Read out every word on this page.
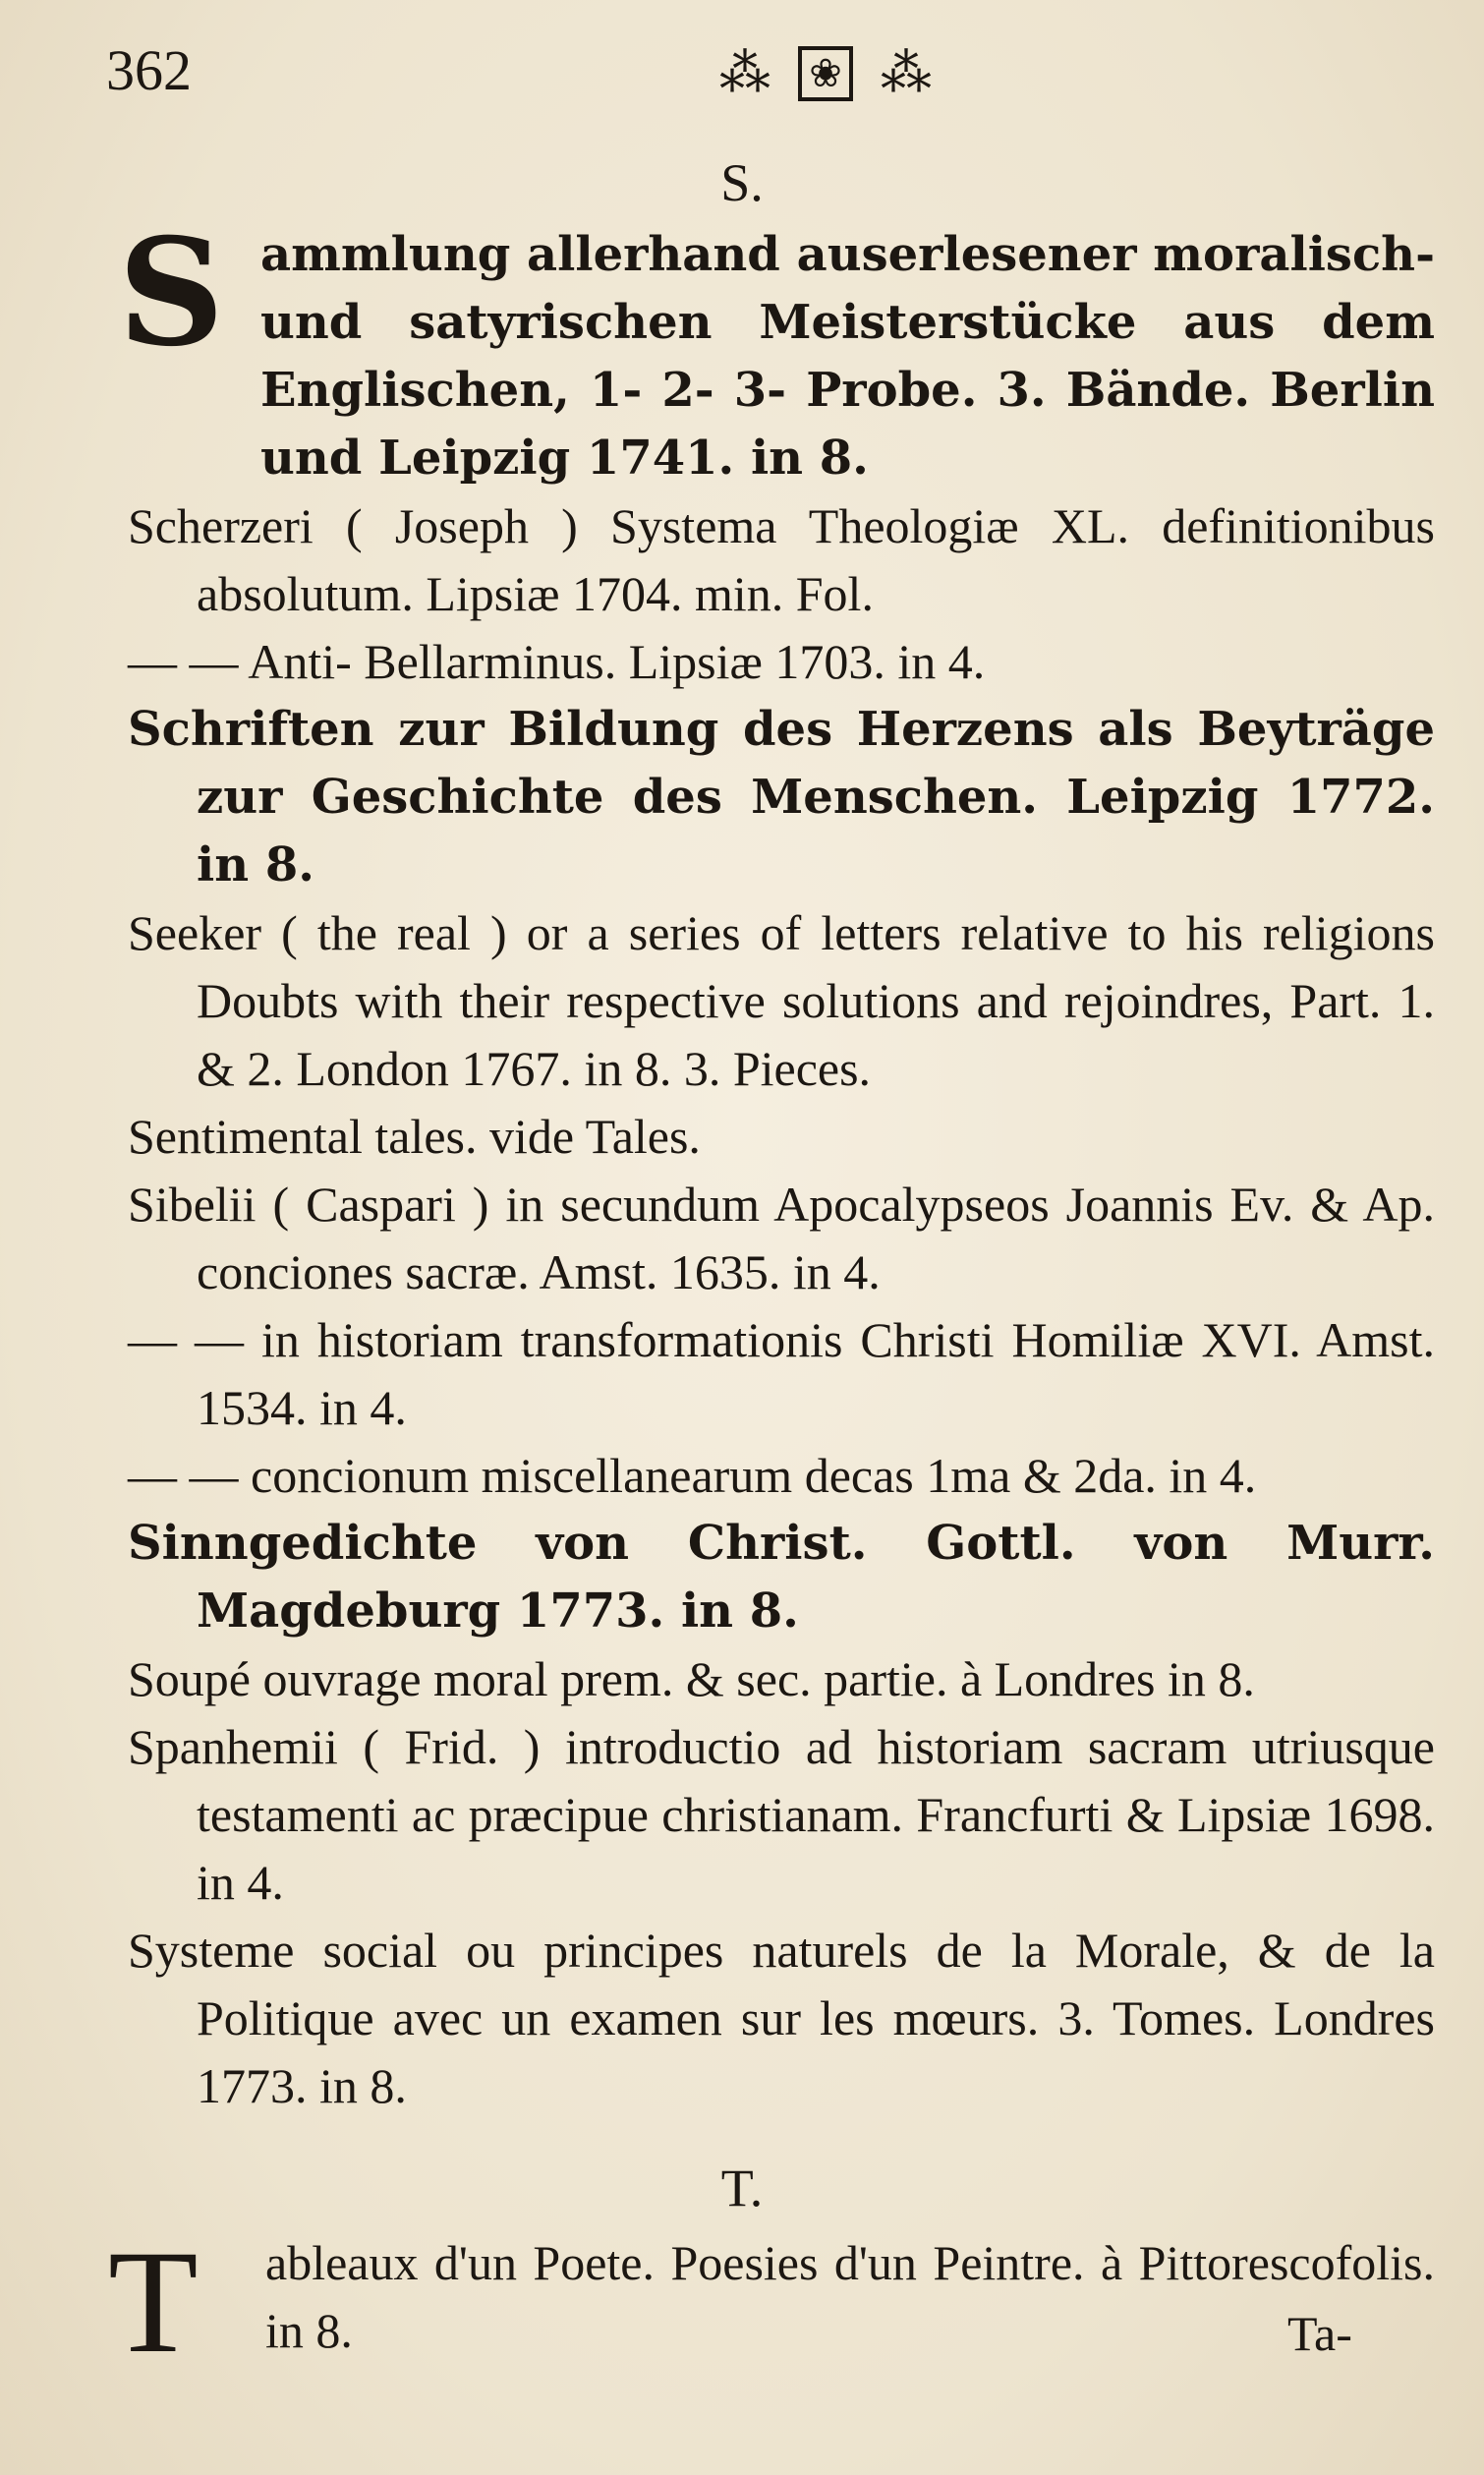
362	⁂ ❀ ⁂
S.

S ammlung allerhand auserlesener moralisch- und satyrischen Meisterstücke aus dem Englischen, 1- 2- 3- Probe. 3. Bände. Berlin und Leipzig 1741. in 8.

Scherzeri ( Joseph ) Systema Theologiæ XL. definitionibus absolutum. Lipsiæ 1704. min. Fol.

— — Anti- Bellarminus. Lipsiæ 1703. in 4.

Schriften zur Bildung des Herzens als Beyträge zur Geschichte des Menschen. Leipzig 1772. in 8.

Seeker ( the real ) or a series of letters relative to his religions Doubts with their respective solutions and rejoindres, Part. 1. & 2. London 1767. in 8. 3. Pieces.

Sentimental tales. vide Tales.

Sibelii ( Caspari ) in secundum Apocalypseos Joannis Ev. & Ap. conciones sacræ. Amst. 1635. in 4.

— — in historiam transformationis Christi Homiliæ XVI. Amst. 1534. in 4.

— — concionum miscellanearum decas 1ma & 2da. in 4.

Sinngedichte von Christ. Gottl. von Murr. Magdeburg 1773. in 8.

Soupé ouvrage moral prem. & sec. partie. à Londres in 8.

Spanhemii ( Frid. ) introductio ad historiam sacram utriusque testamenti ac præcipue christianam. Francfurti & Lipsiæ 1698. in 4.

Systeme social ou principes naturels de la Morale, & de la Politique avec un examen sur les mœurs. 3. Tomes. Londres 1773. in 8.

T.

T ableaux d'un Poete. Poesies d'un Peintre. à Pittorescofolis. in 8.	Ta-
